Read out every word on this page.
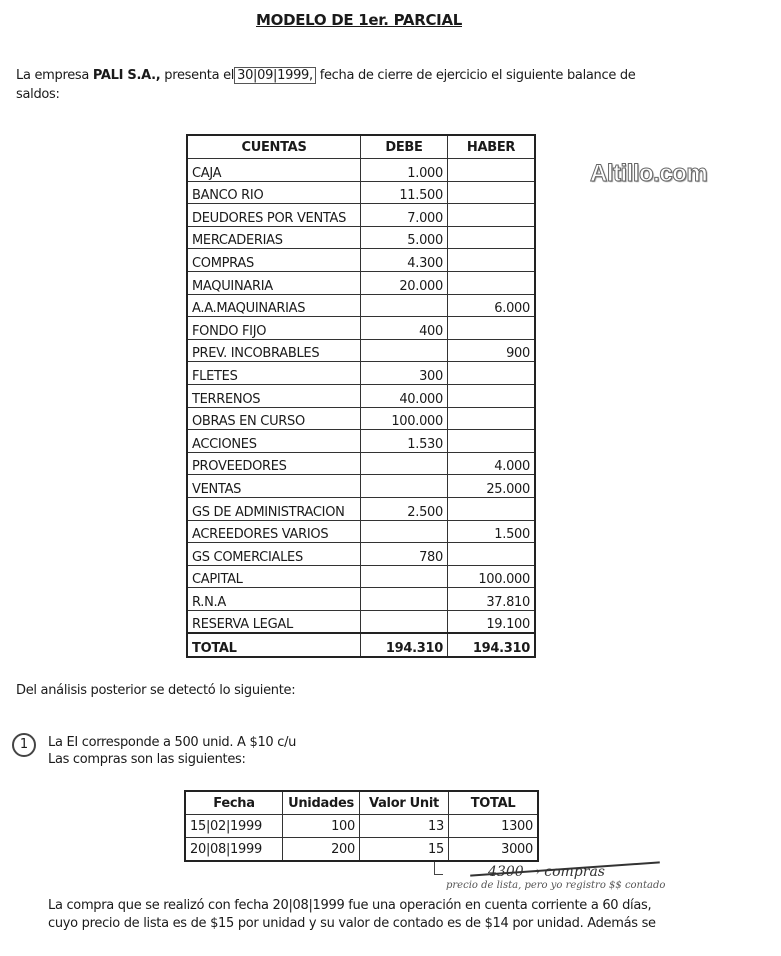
MODELO DE 1er. PARCIAL
La empresa PALI S.A., presenta el 30|09|1999, fecha de cierre de ejercicio el siguiente balance de
saldos:
CUENTAS	DEBE	HABER
CAJA	1.000	
BANCO RIO	11.500	
DEUDORES POR VENTAS	7.000	
MERCADERIAS	5.000	
COMPRAS	4.300	
MAQUINARIA	20.000	
A.A.MAQUINARIAS		6.000
FONDO FIJO	400	
PREV. INCOBRABLES		900
FLETES	300	
TERRENOS	40.000	
OBRAS EN CURSO	100.000	
ACCIONES	1.530	
PROVEEDORES		4.000
VENTAS		25.000
GS DE ADMINISTRACION	2.500	
ACREEDORES VARIOS		1.500
GS COMERCIALES	780	
CAPITAL		100.000
R.N.A		37.810
RESERVA LEGAL		19.100
TOTAL	194.310	194.310
Altillo.com
Del análisis posterior se detectó lo siguiente:
1	La EI corresponde a 500 unid. A $10 c/u
Las compras son las siguientes:
Fecha	Unidades	Valor Unit	TOTAL
15|02|1999	100	13	1300
20|08|1999	200	15	3000
4300 → compras
precio de lista, pero yo registro $$ contado
La compra que se realizó con fecha 20|08|1999 fue una operación en cuenta corriente a 60 días,
cuyo precio de lista es de $15 por unidad y su valor de contado es de $14 por unidad. Además se
